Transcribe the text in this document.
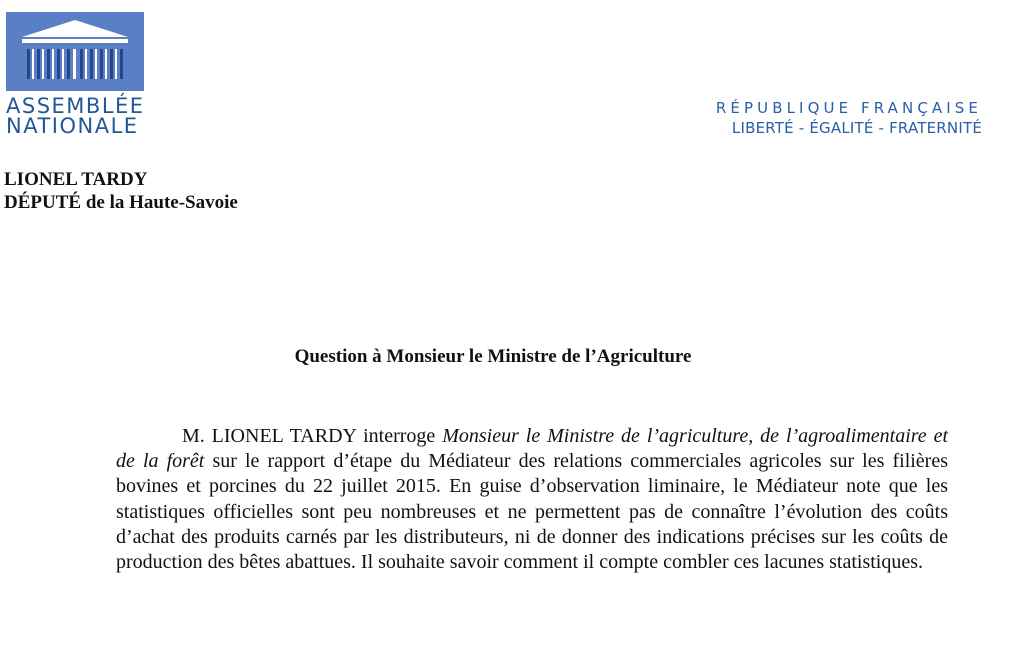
ASSEMBLÉE
NATIONALE
RÉPUBLIQUE FRANÇAISE
LIBERTÉ - ÉGALITÉ - FRATERNITÉ
LIONEL TARDY
DÉPUTÉ de la Haute-Savoie
Question à Monsieur le Ministre de l’Agriculture
M. LIONEL TARDY interroge Monsieur le Ministre de l’agriculture, de l’agroalimentaire et de la forêt sur le rapport d’étape du Médiateur des relations commerciales agricoles sur les filières bovines et porcines du 22 juillet 2015. En guise d’observation liminaire, le Médiateur note que les statistiques officielles sont peu nombreuses et ne permettent pas de connaître l’évolution des coûts d’achat des produits carnés par les distributeurs, ni de donner des indications précises sur les coûts de production des bêtes abattues. Il souhaite savoir comment il compte combler ces lacunes statistiques.
